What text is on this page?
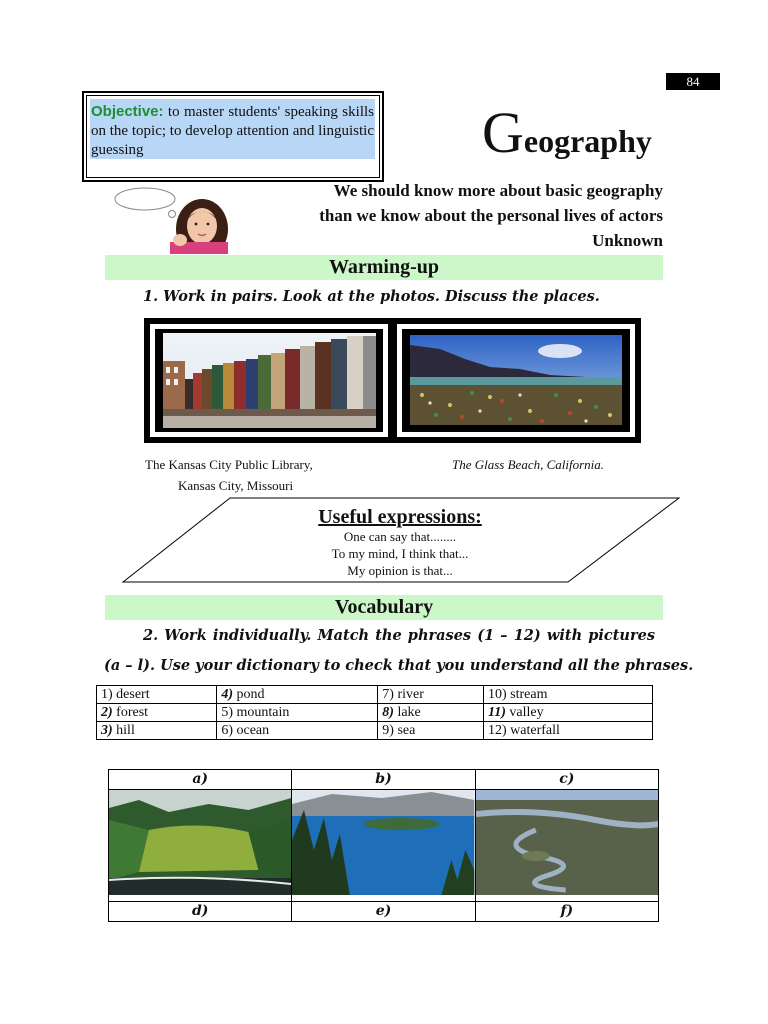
84
Objective: to master students' speaking skills on the topic; to develop attention and linguistic guessing	Geography
We should know more about basic geography
than we know about the personal lives of actors
Unknown
Warming-up
1. Work in pairs. Look at the photos. Discuss the places.
The Kansas City Public Library,
Kansas City, Missouri
The Glass Beach, California.
Useful expressions:
One can say that........
To my mind, I think that...
My opinion is that...
Vocabulary
2. Work individually. Match the phrases (1 – 12) with pictures
(a – l). Use your dictionary to check that you understand all the phrases.
1) desert	4) pond	7) river	10) stream
2) forest	5) mountain	8) lake	11) valley
3) hill	6) ocean	9) sea	12) waterfall
a)	b)	c)

d)	e)	f)
